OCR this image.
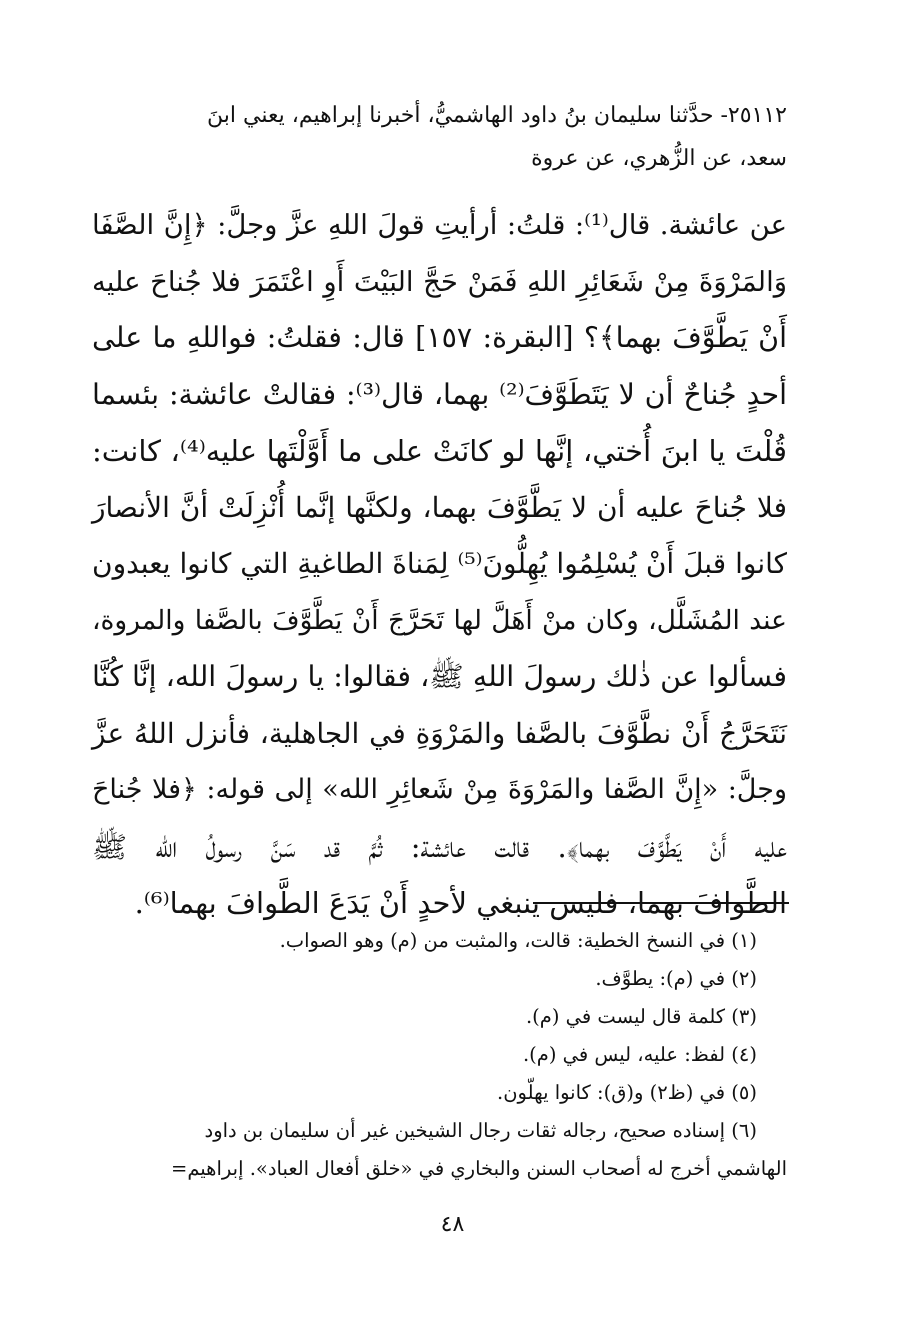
٢٥١١٢- حدَّثنا سليمان بنُ داود الهاشميُّ، أخبرنا إبراهيم، يعني ابنَ
سعد، عن الزُّهري، عن عروة
عن عائشة. قال⁽¹⁾: قلتُ: أرأيتِ قولَ اللهِ عزَّ وجلَّ: ﴿إِنَّ الصَّفَا
وَالمَرْوَةَ مِنْ شَعَائِرِ اللهِ فَمَنْ حَجَّ البَيْتَ أَوِ اعْتَمَرَ فلا جُناحَ عليه
أَنْ يَطَّوَّفَ بهما﴾؟ [البقرة: ١٥٧] قال: فقلتُ: فواللهِ ما على
أحدٍ جُناحٌ أن لا يَتَطَوَّفَ⁽²⁾ بهما، قال⁽³⁾: فقالتْ عائشة: بئسما
قُلْتَ يا ابنَ أُختي، إنَّها لو كانَتْ على ما أَوَّلْتَها عليه⁽⁴⁾، كانت:
فلا جُناحَ عليه أن لا يَطَّوَّفَ بهما، ولكنَّها إنَّما أُنْزِلَتْ أنَّ الأنصارَ
كانوا قبلَ أَنْ يُسْلِمُوا يُهِلُّونَ⁽⁵⁾ لِمَناةَ الطاغيةِ التي كانوا يعبدون
عند المُشَلَّل، وكان منْ أَهَلَّ لها تَحَرَّجَ أَنْ يَطَّوَّفَ بالصَّفا والمروة،
فسألوا عن ذٰلك رسولَ اللهِ ﷺ، فقالوا: يا رسولَ الله، إنَّا كُنَّا
نَتَحَرَّجُ أَنْ نطَّوَّفَ بالصَّفا والمَرْوَةِ في الجاهلية، فأنزل اللهُ عزَّ
وجلَّ: «إِنَّ الصَّفا والمَرْوَةَ مِنْ شَعائِرِ الله» إلى قوله: ﴿فلا جُناحَ
عليه أَنْ يَطَّوَّفَ بهما﴾. قالت عائشة: ثُمَّ قد سَنَّ رسولُ الله ﷺ
الطَّوافَ بهما، فليس ينبغي لأحدٍ أَنْ يَدَعَ الطَّوافَ بهما⁽⁶⁾.
(١) في النسخ الخطية: قالت، والمثبت من (م) وهو الصواب.
(٢) في (م): يطوَّف.
(٣) كلمة قال ليست في (م).
(٤) لفظ: عليه، ليس في (م).
(٥) في (ظ٢) و(ق): كانوا يهلّون.
(٦) إسناده صحيح، رجاله ثقات رجال الشيخين غير أن سليمان بن داود
الهاشمي أخرج له أصحاب السنن والبخاري في «خلق أفعال العباد». إبراهيم=
٤٨
